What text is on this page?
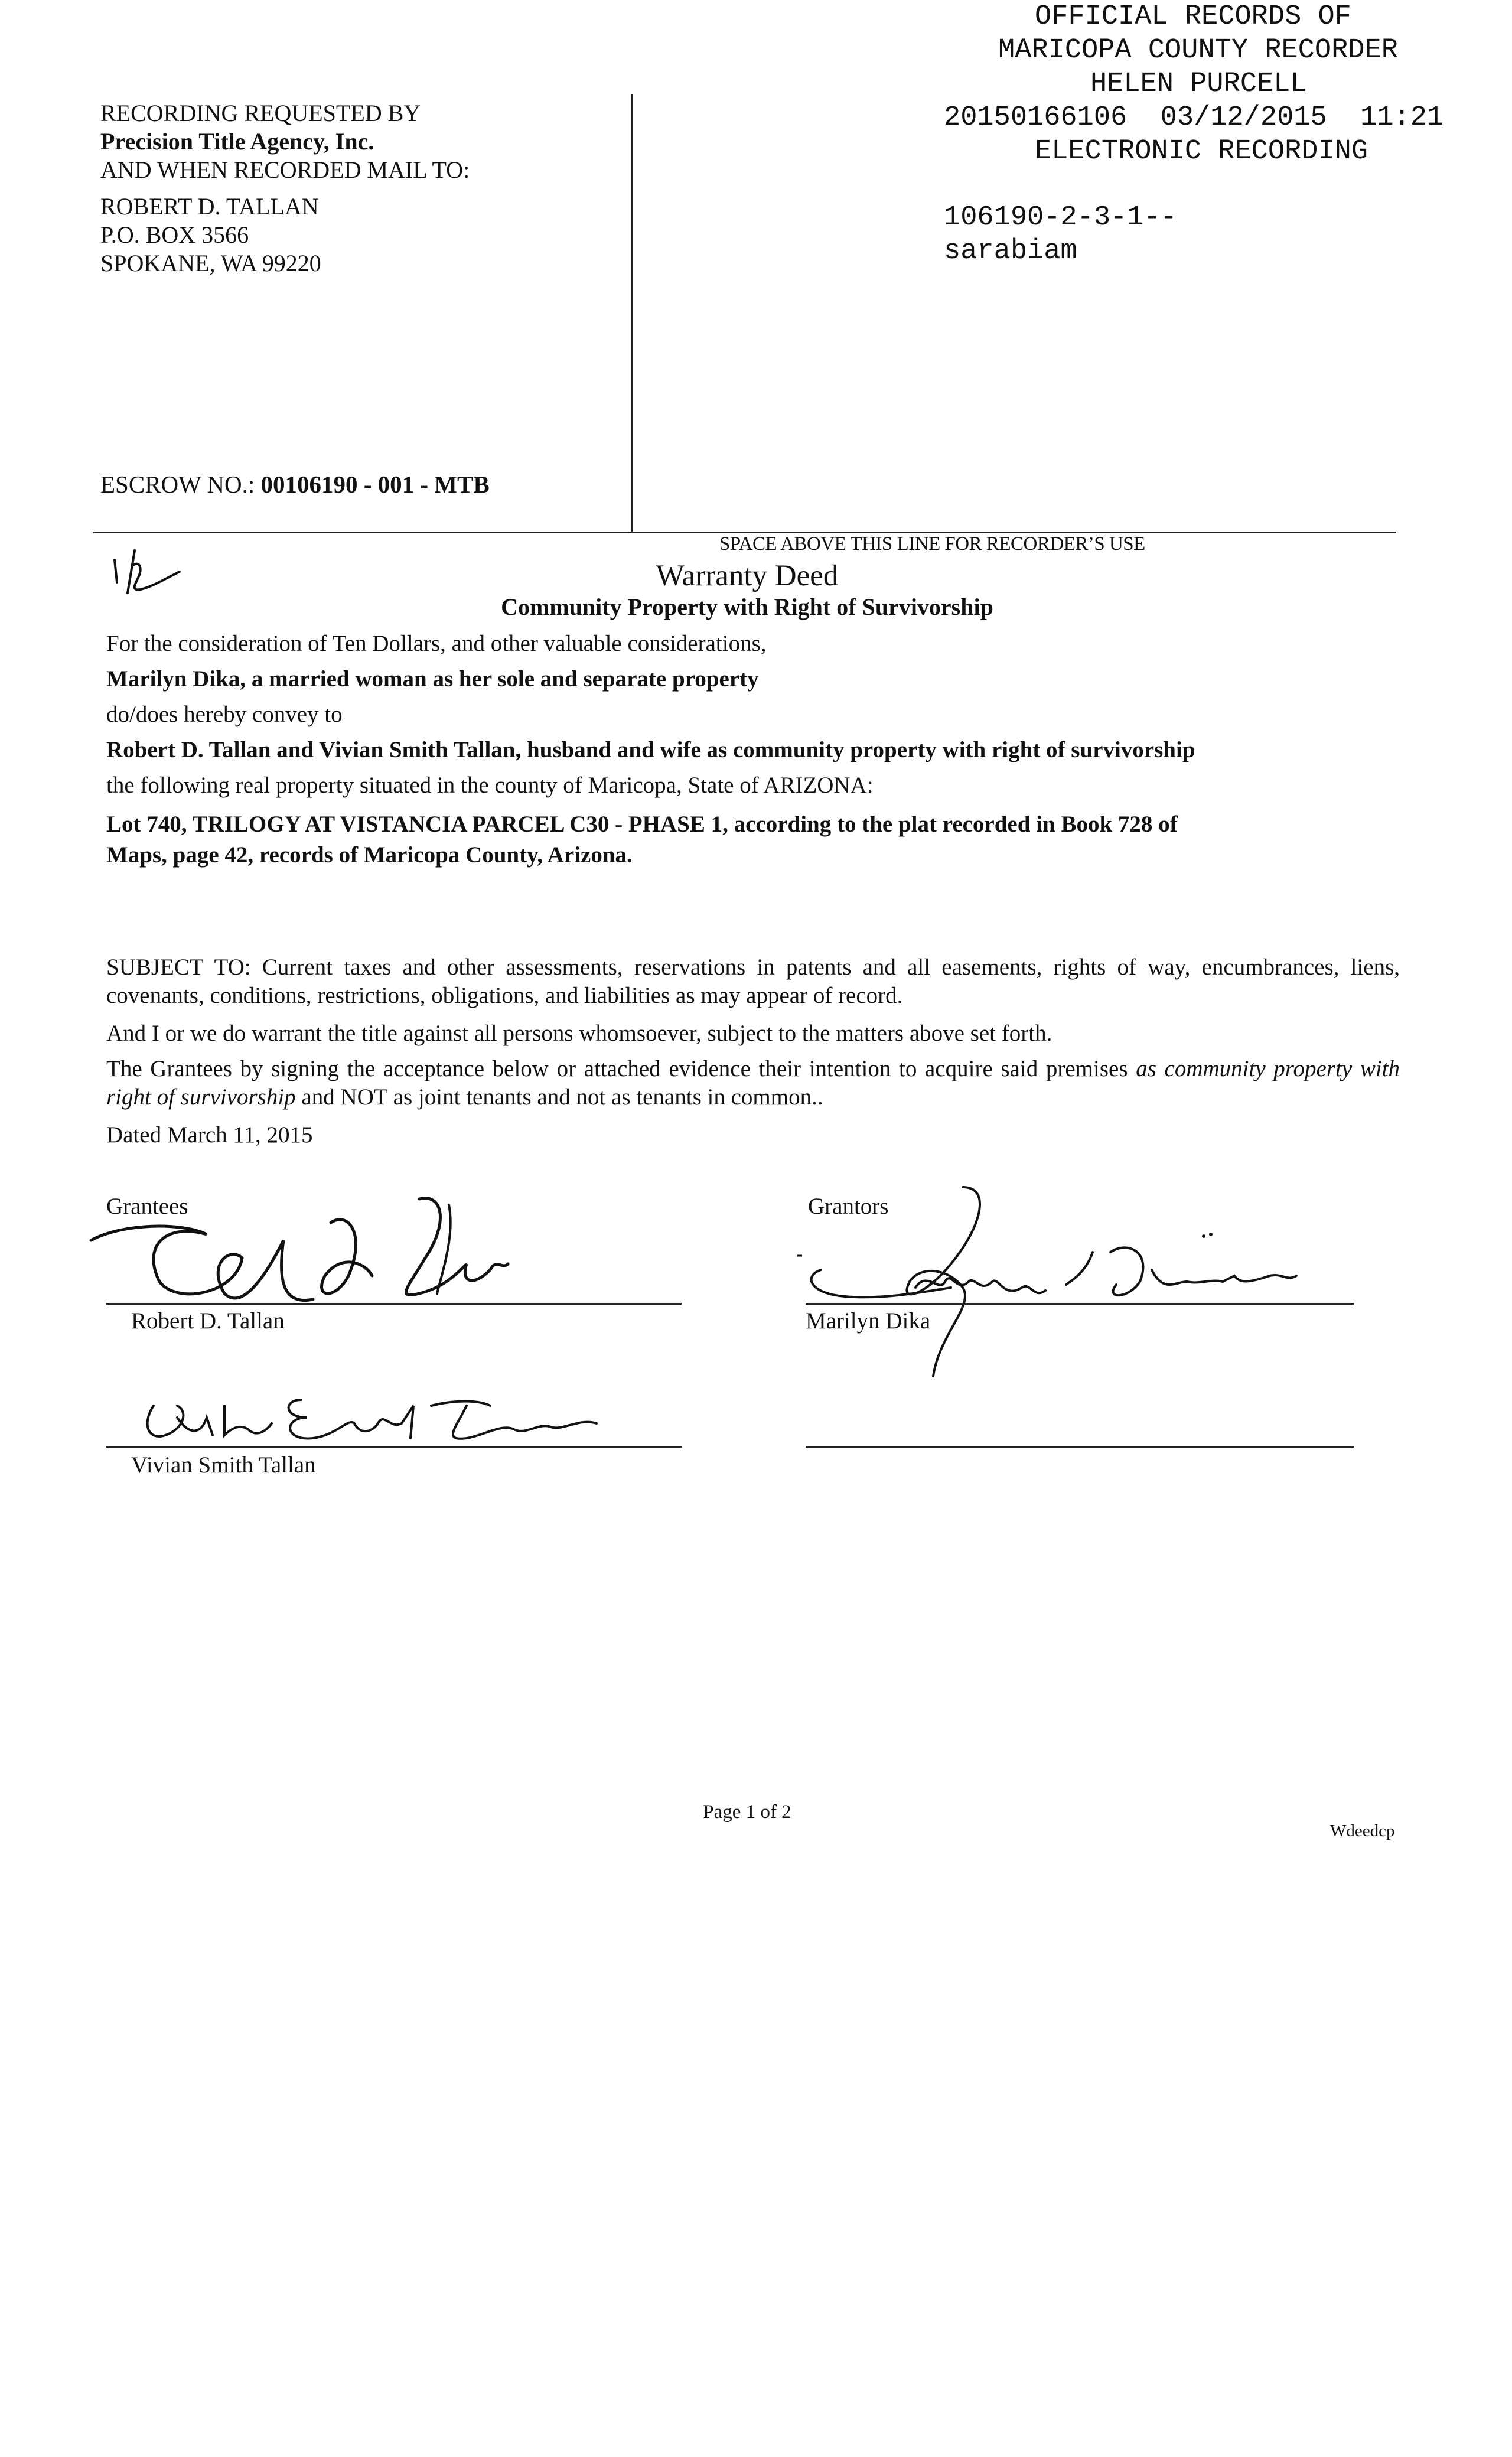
RECORDING REQUESTED BY
Precision Title Agency, Inc.
AND WHEN RECORDED MAIL TO:
ROBERT D. TALLAN
P.O. BOX 3566
SPOKANE, WA 99220
ESCROW NO.: 00106190 - 001 - MTB
OFFICIAL RECORDS OF
MARICOPA COUNTY RECORDER
HELEN PURCELL
20150166106  03/12/2015  11:21
ELECTRONIC RECORDING
106190-2-3-1--
sarabiam
SPACE ABOVE THIS LINE FOR RECORDER’S USE
Warranty Deed
Community Property with Right of Survivorship
For the consideration of Ten Dollars, and other valuable considerations,
Marilyn Dika, a married woman as her sole and separate property
do/does hereby convey to
Robert D. Tallan and Vivian Smith Tallan, husband and wife as community property with right of survivorship
the following real property situated in the county of Maricopa, State of ARIZONA:
Lot 740, TRILOGY AT VISTANCIA PARCEL C30 - PHASE 1, according to the plat recorded in Book 728 of
Maps, page 42, records of Maricopa County, Arizona.
SUBJECT TO: Current taxes and other assessments, reservations in patents and all easements, rights of way, encumbrances, liens, covenants, conditions, restrictions, obligations, and liabilities as may appear of record.
And I or we do warrant the title against all persons whomsoever, subject to the matters above set forth.
The Grantees by signing the acceptance below or attached evidence their intention to acquire said premises as community property with right of survivorship and NOT as joint tenants and not as tenants in common..
Dated March 11, 2015
Grantees
Robert D. Tallan
Vivian Smith Tallan
Grantors
Marilyn Dika
Page 1 of 2
Wdeedcp
